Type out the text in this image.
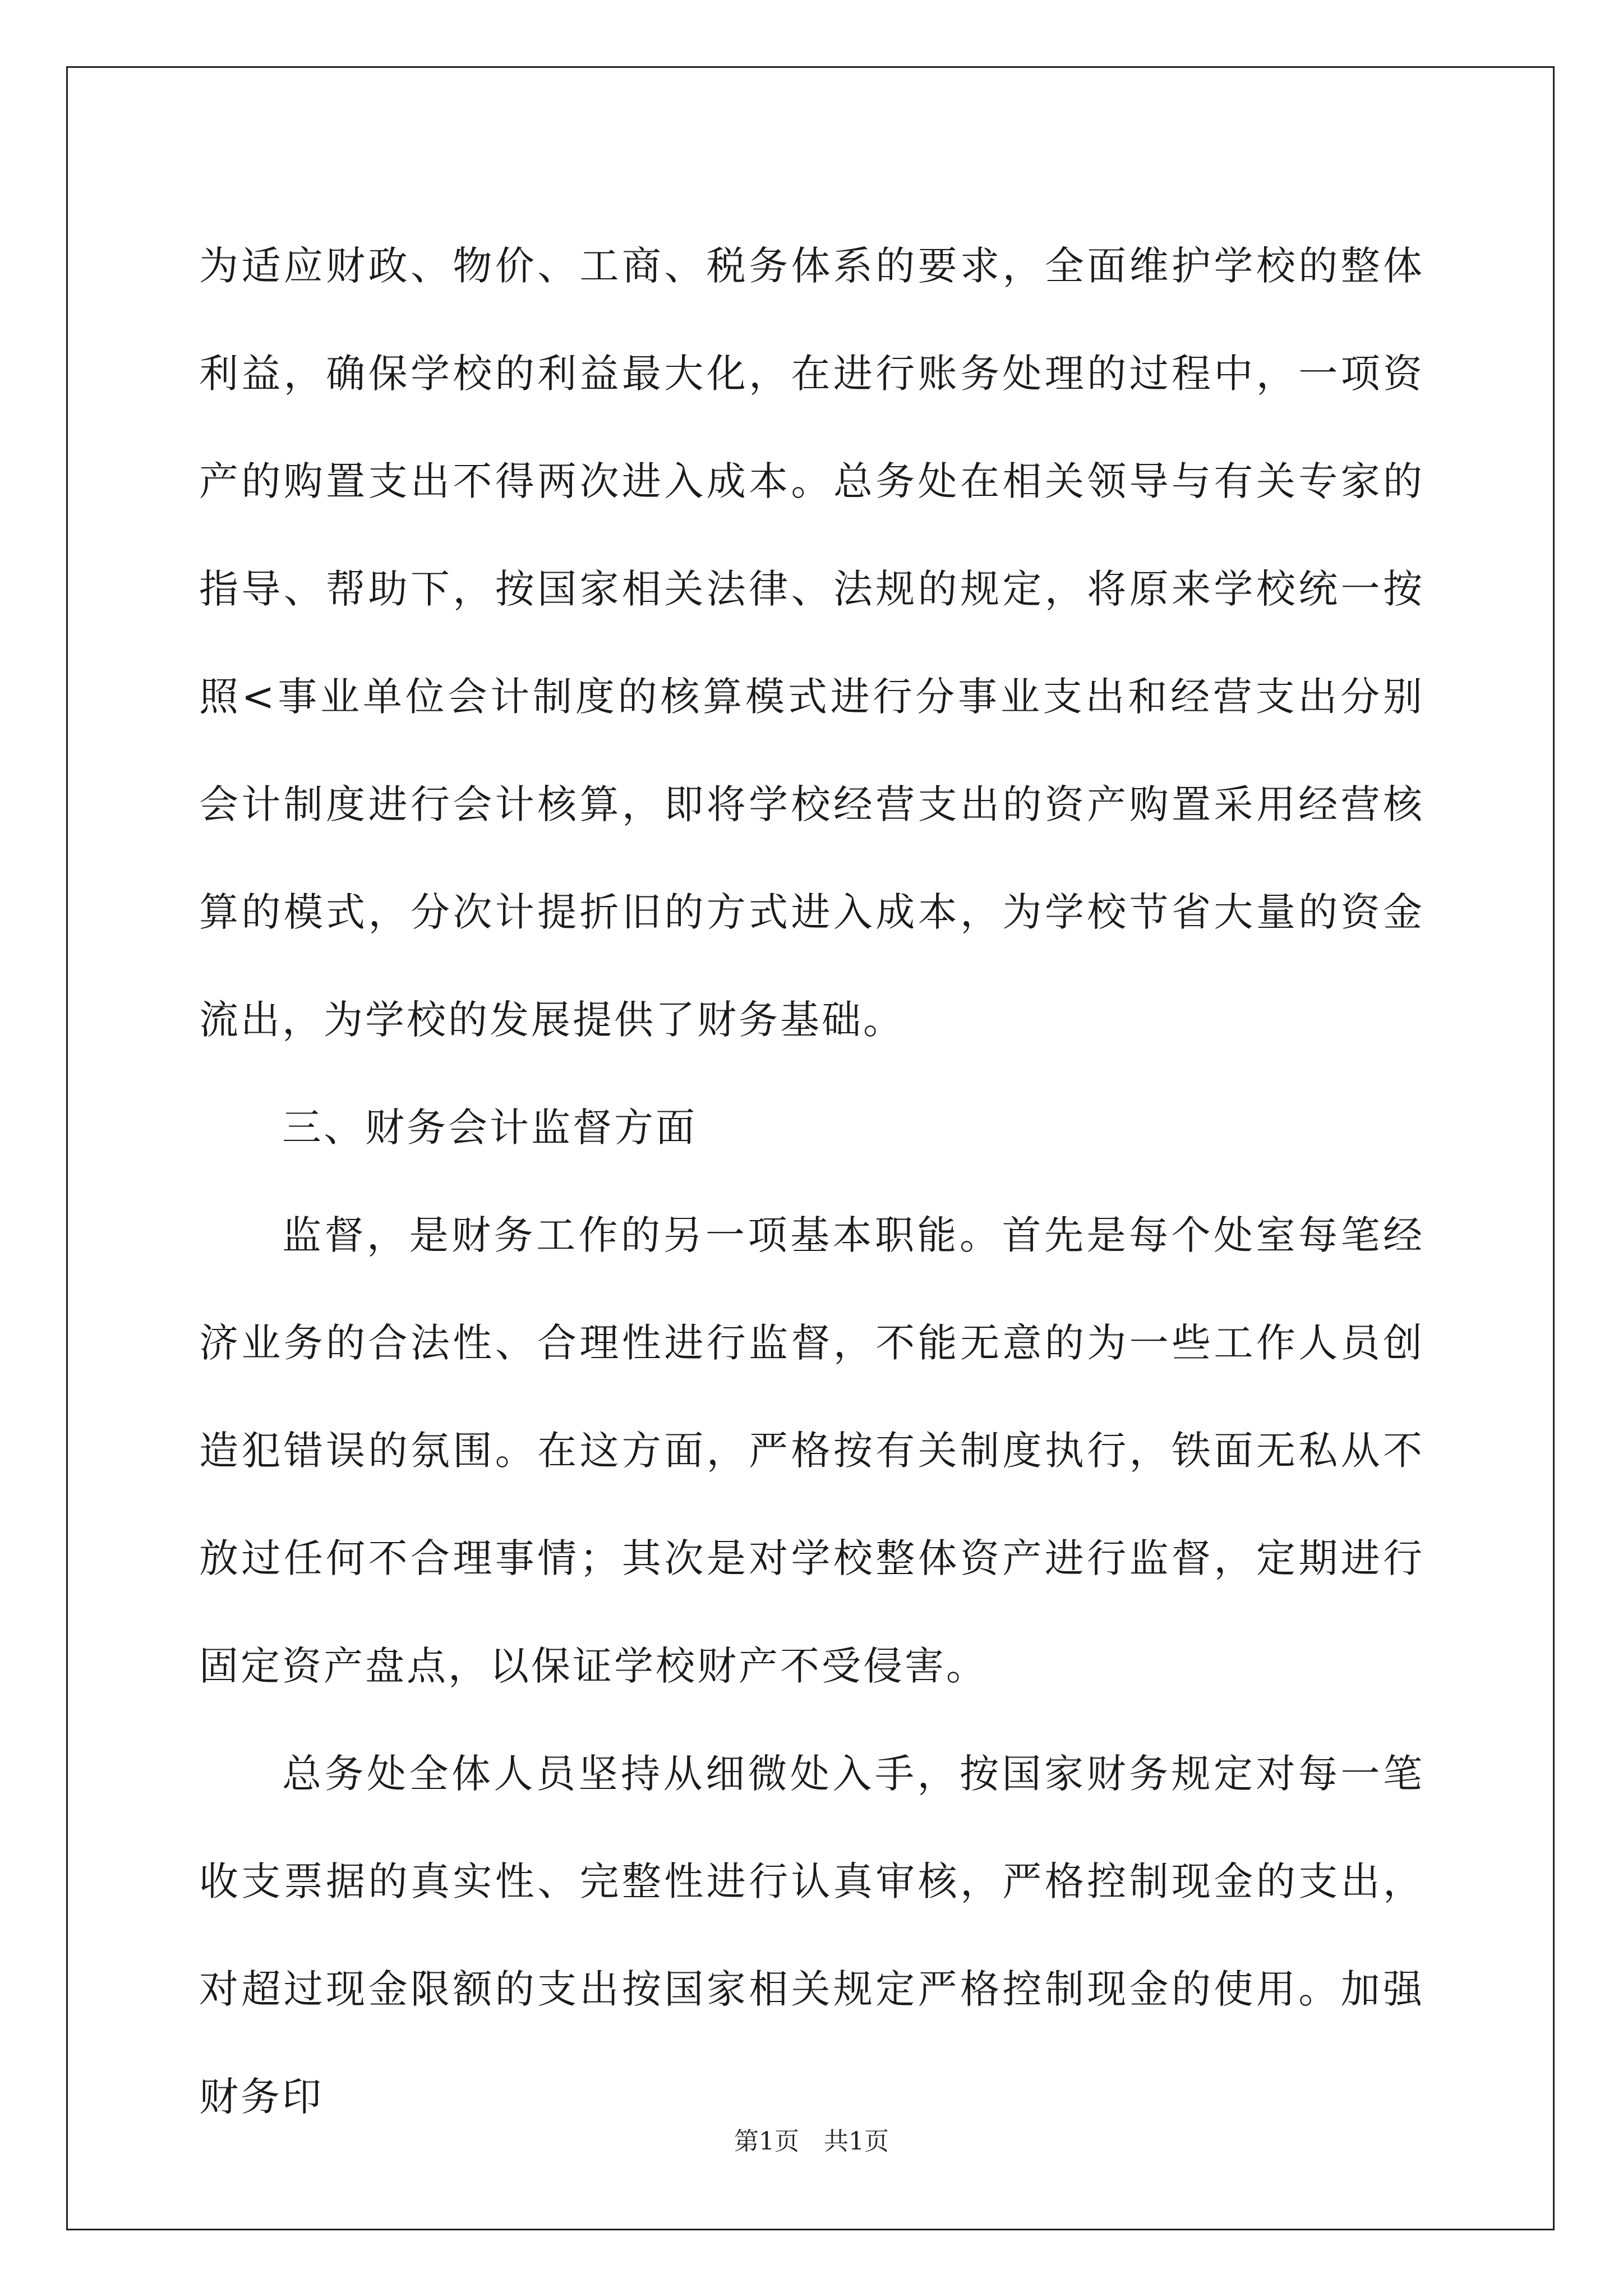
为适应财政、物价、工商、税务体系的要求，全面维护学校的整体利益，确保学校的利益最大化，在进行账务处理的过程中，一项资产的购置支出不得两次进入成本。总务处在相关领导与有关专家的指导、帮助下，按国家相关法律、法规的规定，将原来学校统一按照<事业单位会计制度的核算模式进行分事业支出和经营支出分别会计制度进行会计核算，即将学校经营支出的资产购置采用经营核算的模式，分次计提折旧的方式进入成本，为学校节省大量的资金流出，为学校的发展提供了财务基础。

三、财务会计监督方面

监督，是财务工作的另一项基本职能。首先是每个处室每笔经济业务的合法性、合理性进行监督，不能无意的为一些工作人员创造犯错误的氛围。在这方面，严格按有关制度执行，铁面无私从不放过任何不合理事情；其次是对学校整体资产进行监督，定期进行固定资产盘点，以保证学校财产不受侵害。

总务处全体人员坚持从细微处入手，按国家财务规定对每一笔收支票据的真实性、完整性进行认真审核，严格控制现金的支出，对超过现金限额的支出按国家相关规定严格控制现金的使用。加强财务印

第1页　共1页
